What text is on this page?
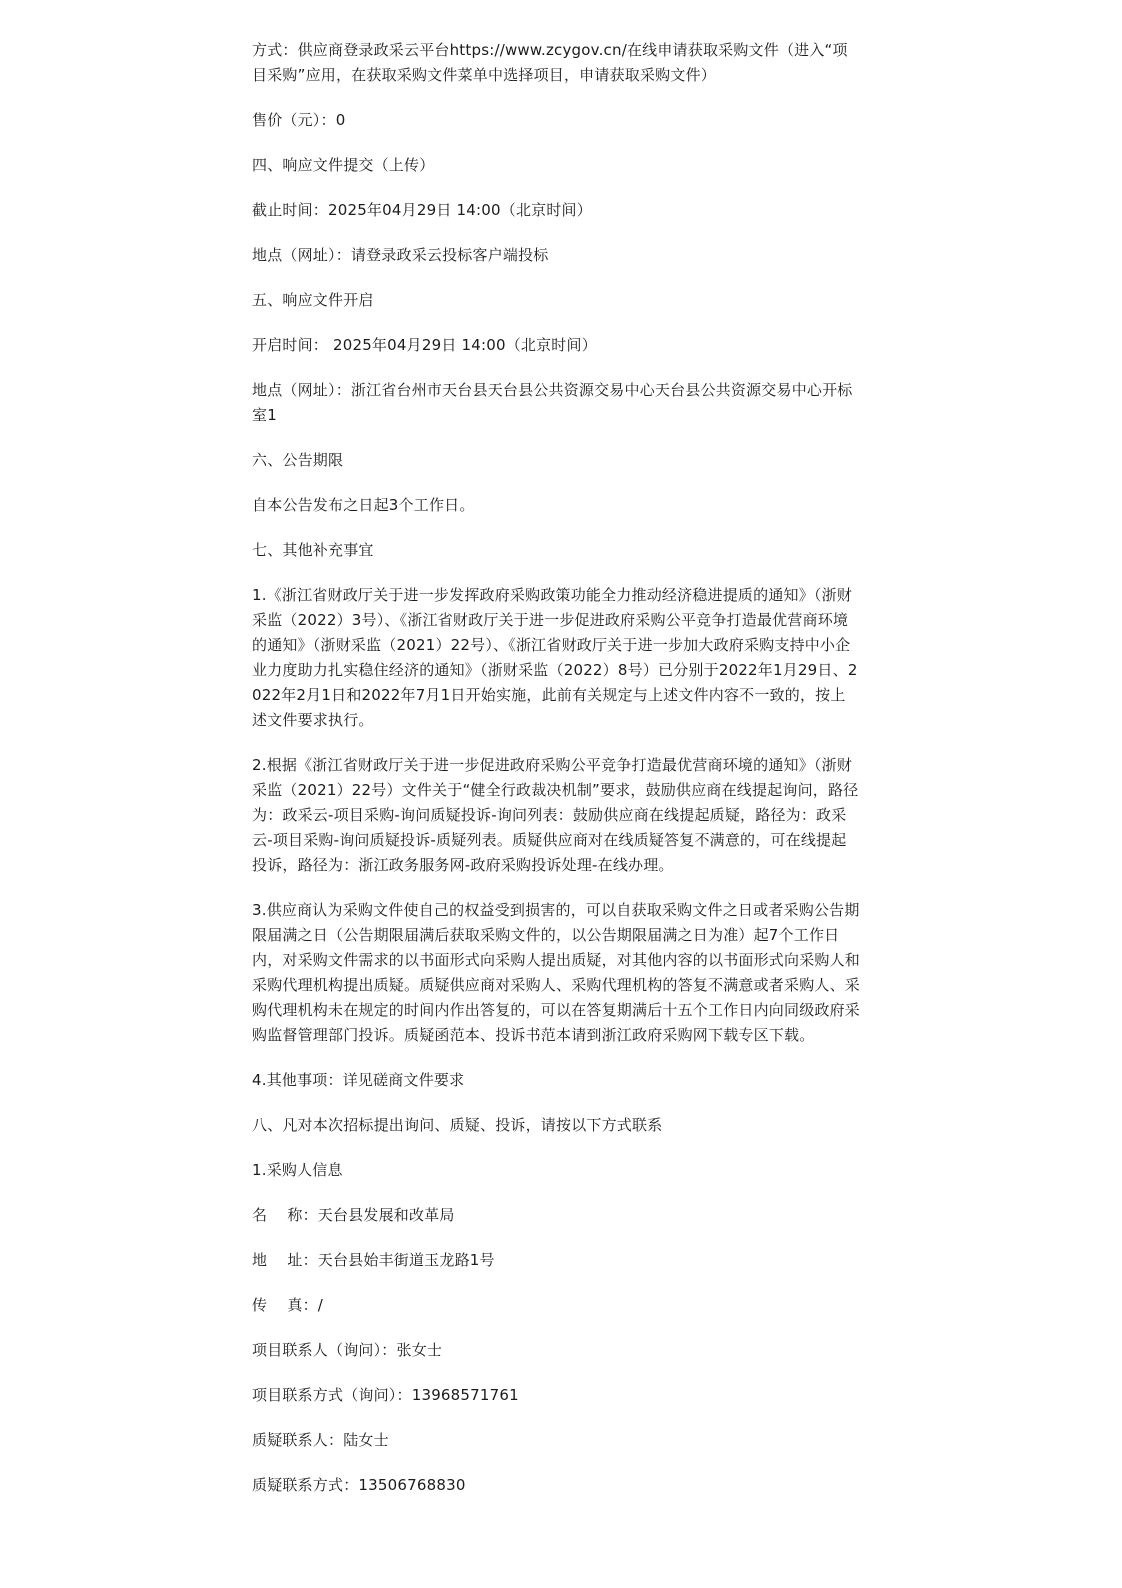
方式：供应商登录政采云平台https://www.zcygov.cn/在线申请获取采购文件（进入“项目采购”应用，在获取采购文件菜单中选择项目，申请获取采购文件）

售价（元）：0

四、响应文件提交（上传）

截止时间：2025年04月29日 14:00（北京时间）

地点（网址）：请登录政采云投标客户端投标

五、响应文件开启

开启时间： 2025年04月29日 14:00（北京时间）

地点（网址）：浙江省台州市天台县天台县公共资源交易中心天台县公共资源交易中心开标室1

六、公告期限

自本公告发布之日起3个工作日。

七、其他补充事宜

1.《浙江省财政厅关于进一步发挥政府采购政策功能全力推动经济稳进提质的通知》（浙财采监（2022）3号）、《浙江省财政厅关于进一步促进政府采购公平竞争打造最优营商环境的通知》（浙财采监（2021）22号）、《浙江省财政厅关于进一步加大政府采购支持中小企业力度助力扎实稳住经济的通知》（浙财采监（2022）8号）已分别于2022年1月29日、2022年2月1日和2022年7月1日开始实施，此前有关规定与上述文件内容不一致的，按上述文件要求执行。

2.根据《浙江省财政厅关于进一步促进政府采购公平竞争打造最优营商环境的通知》（浙财采监（2021）22号）文件关于“健全行政裁决机制”要求，鼓励供应商在线提起询问，路径为：政采云-项目采购-询问质疑投诉-询问列表：鼓励供应商在线提起质疑，路径为：政采云-项目采购-询问质疑投诉-质疑列表。质疑供应商对在线质疑答复不满意的，可在线提起投诉，路径为：浙江政务服务网-政府采购投诉处理-在线办理。

3.供应商认为采购文件使自己的权益受到损害的，可以自获取采购文件之日或者采购公告期限届满之日（公告期限届满后获取采购文件的，以公告期限届满之日为准）起7个工作日内，对采购文件需求的以书面形式向采购人提出质疑，对其他内容的以书面形式向采购人和采购代理机构提出质疑。质疑供应商对采购人、采购代理机构的答复不满意或者采购人、采购代理机构未在规定的时间内作出答复的，可以在答复期满后十五个工作日内向同级政府采购监督管理部门投诉。质疑函范本、投诉书范本请到浙江政府采购网下载专区下载。

4.其他事项：详见磋商文件要求

八、凡对本次招标提出询问、质疑、投诉，请按以下方式联系

1.采购人信息

名　 称：天台县发展和改革局

地　 址：天台县始丰街道玉龙路1号

传　 真：/

项目联系人（询问）：张女士

项目联系方式（询问）：13968571761

质疑联系人：陆女士

质疑联系方式：13506768830
